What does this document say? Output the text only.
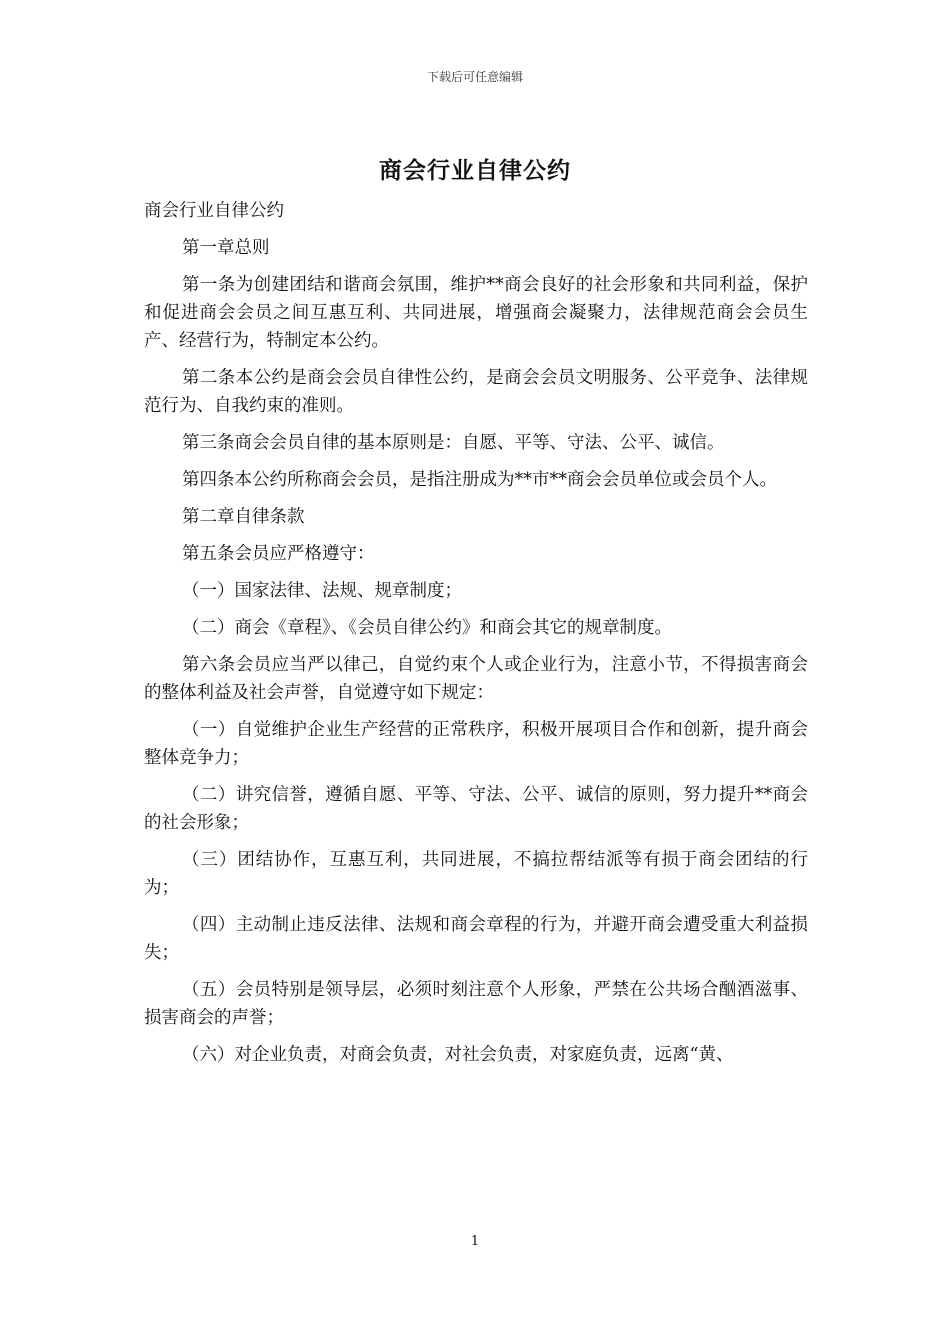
下载后可任意编辑
商会行业自律公约

商会行业自律公约

第一章总则

第一条为创建团结和谐商会氛围，维护**商会良好的社会形象和共同利益，保护和促进商会会员之间互惠互利、共同进展，增强商会凝聚力，法律规范商会会员生产、经营行为，特制定本公约。

第二条本公约是商会会员自律性公约，是商会会员文明服务、公平竞争、法律规范行为、自我约束的准则。

第三条商会会员自律的基本原则是：自愿、平等、守法、公平、诚信。

第四条本公约所称商会会员，是指注册成为**市**商会会员单位或会员个人。

第二章自律条款

第五条会员应严格遵守：

（一）国家法律、法规、规章制度；

（二）商会《章程》、《会员自律公约》和商会其它的规章制度。

第六条会员应当严以律己，自觉约束个人或企业行为，注意小节，不得损害商会的整体利益及社会声誉，自觉遵守如下规定：

（一）自觉维护企业生产经营的正常秩序，积极开展项目合作和创新，提升商会整体竞争力；

（二）讲究信誉，遵循自愿、平等、守法、公平、诚信的原则，努力提升**商会的社会形象；

（三）团结协作，互惠互利，共同进展，不搞拉帮结派等有损于商会团结的行为；

（四）主动制止违反法律、法规和商会章程的行为，并避开商会遭受重大利益损失；

（五）会员特别是领导层，必须时刻注意个人形象，严禁在公共场合酗酒滋事、损害商会的声誉；

（六）对企业负责，对商会负责，对社会负责，对家庭负责，远离“黄、

1
